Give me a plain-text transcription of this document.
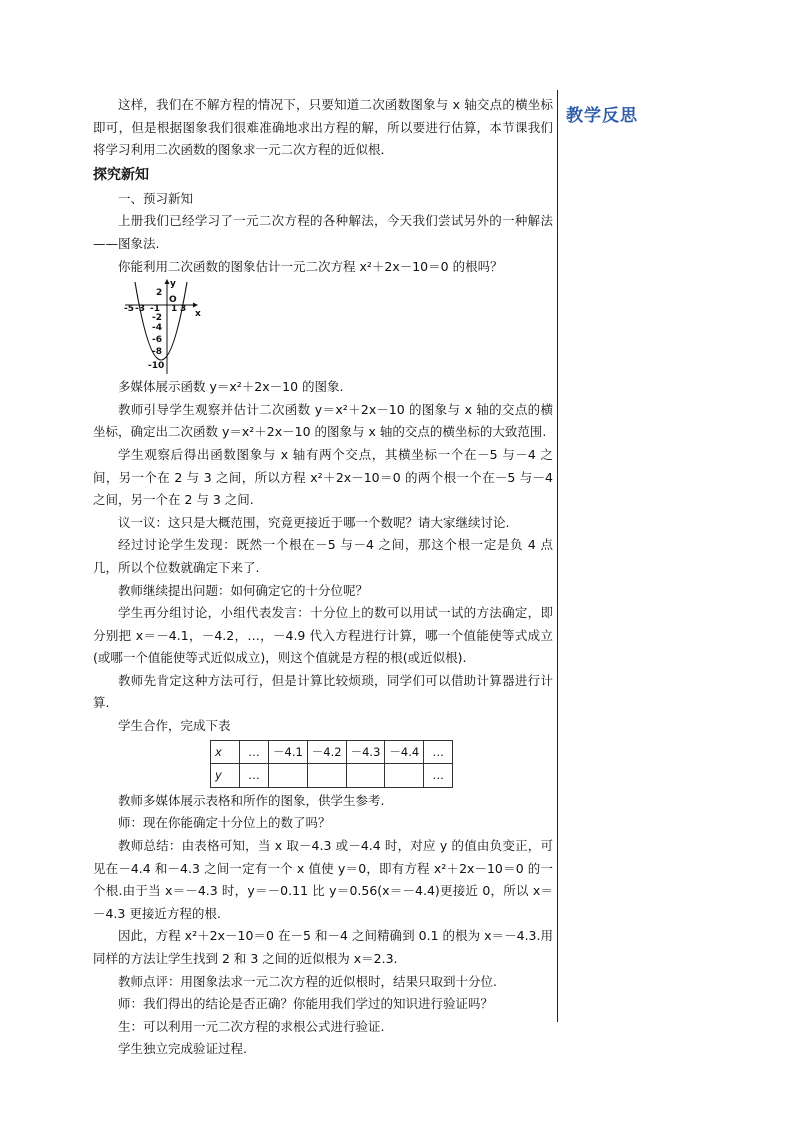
教学反思

这样，我们在不解方程的情况下，只要知道二次函数图象与 x 轴交点的横坐标即可，但是根据图象我们很难准确地求出方程的解，所以要进行估算，本节课我们将学习利用二次函数的图象求一元二次方程的近似根．

探究新知

一、预习新知

上册我们已经学习了一元二次方程的各种解法，今天我们尝试另外的一种解法——图象法.

你能利用二次函数的图象估计一元二次方程 x²＋2x－10＝0 的根吗？

y
x
O
-5 -3 -1 1 3
2
-2
-4
-6
-8
-10

多媒体展示函数 y＝x²＋2x－10 的图象.

教师引导学生观察并估计二次函数 y＝x²＋2x－10 的图象与 x 轴的交点的横坐标，确定出二次函数 y＝x²＋2x－10 的图象与 x 轴的交点的横坐标的大致范围.

学生观察后得出函数图象与 x 轴有两个交点，其横坐标一个在－5 与－4 之间，另一个在 2 与 3 之间，所以方程 x²＋2x－10＝0 的两个根一个在－5 与－4 之间，另一个在 2 与 3 之间.

议一议：这只是大概范围，究竟更接近于哪一个数呢？请大家继续讨论.

经过讨论学生发现：既然一个根在－5 与－4 之间，那这个根一定是负 4 点几，所以个位数就确定下来了.

教师继续提出问题：如何确定它的十分位呢？

学生再分组讨论，小组代表发言：十分位上的数可以用试一试的方法确定，即分别把 x＝－4.1，－4.2，…，－4.9 代入方程进行计算，哪一个值能使等式成立(或哪一个值能使等式近似成立)，则这个值就是方程的根(或近似根).

教师先肯定这种方法可行，但是计算比较烦琐，同学们可以借助计算器进行计算.

学生合作，完成下表

x	…	－4.1	－4.2	－4.3	－4.4	…
y	…					…

教师多媒体展示表格和所作的图象，供学生参考.

师：现在你能确定十分位上的数了吗？

教师总结：由表格可知，当 x 取－4.3 或－4.4 时，对应 y 的值由负变正，可见在－4.4 和－4.3 之间一定有一个 x 值使 y＝0，即有方程 x²＋2x－10＝0 的一个根.由于当 x＝－4.3 时，y＝－0.11 比 y＝0.56(x＝－4.4)更接近 0，所以 x＝－4.3 更接近方程的根.

因此，方程 x²＋2x－10＝0 在－5 和－4 之间精确到 0.1 的根为 x＝－4.3.用同样的方法让学生找到 2 和 3 之间的近似根为 x＝2.3.

教师点评：用图象法求一元二次方程的近似根时，结果只取到十分位.

师：我们得出的结论是否正确？你能用我们学过的知识进行验证吗？

生：可以利用一元二次方程的求根公式进行验证.

学生独立完成验证过程.
